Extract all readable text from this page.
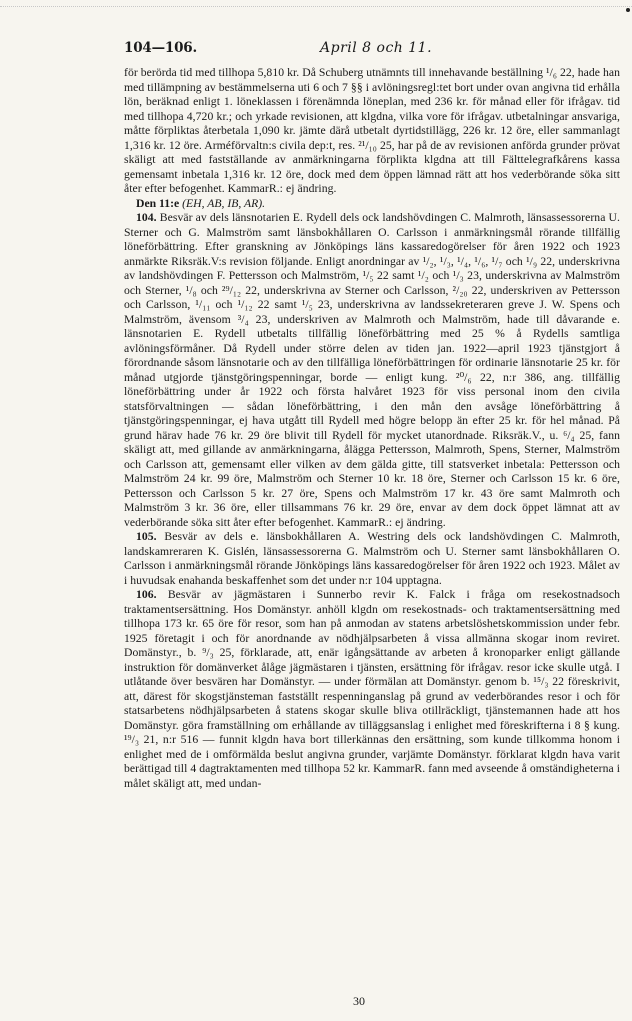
104—106.	April 8 och 11.

för berörda tid med tillhopa 5,810 kr. Då Schuberg utnämnts till innehavande beställning ¹/₆ 22, hade han med tillämpning av bestämmelserna uti 6 och 7 §§ i avlöningsregl:tet bort under ovan angivna tid erhålla lön, beräknad enligt 1. löneklassen i förenämnda löneplan, med 236 kr. för månad eller för ifrågav. tid med tillhopa 4,720 kr.; och yrkade revisionen, att klgdna, vilka vore för ifrågav. utbetalningar ansvariga, måtte förpliktas återbetala 1,090 kr. jämte därå utbetalt dyrtidstillägg, 226 kr. 12 öre, eller sammanlagt 1,316 kr. 12 öre. Arméförvaltn:s civila dep:t, res. ²¹/₁₀ 25, har på de av revisionen anförda grunder prövat skäligt att med fastställande av anmärkningarna förpliktа klgdna att till Fälttelegrafkårens kassa gemensamt inbetala 1,316 kr. 12 öre, dock med dem öppen lämnad rätt att hos vederbörande söka sitt åter efter befogenhet. KammarR.: ej ändring.

Den 11:e (EH, AB, IB, AR).

104. Besvär av dels länsnotarien E. Rydell dels ock landshövdingen C. Malmroth, länsassessorerna U. Sterner och G. Malmström samt länsbokhållaren O. Carlsson i anmärkningsmål rörande tillfällig löneförbättring. Efter granskning av Jönköpings läns kassaredogörelser för åren 1922 och 1923 anmärkte Riksräk.V:s revision följande. Enligt anordningar av ¹/₂, ¹/₃, ¹/₄, ¹/₆, ¹/₇ och ¹/₉ 22, underskrivna av landshövdingen F. Pettersson och Malmström, ¹/₅ 22 samt ¹/₂ och ¹/₃ 23, underskrivna av Malmström och Sterner, ¹/₈ och ²⁹/₁₂ 22, underskrivna av Sterner och Carlsson, ²/₂₀ 22, underskriven av Pettersson och Carlsson, ¹/₁₁ och ¹/₁₂ 22 samt ¹/₅ 23, underskrivna av landssekreteraren greve J. W. Spens och Malmström, ävensom ³/₄ 23, underskriven av Malmroth och Malmström, hade till dåvarande e. länsnotarien E. Rydell utbetalts tillfällig löneförbättring med 25 % å Rydells samtliga avlöningsförmåner. Då Rydell under större delen av tiden jan. 1922—april 1923 tjänstgjort å förordnande såsom länsnotarie och av den tillfälliga löneförbättringen för ordinarie länsnotarie 25 kr. för månad utgjorde tjänstgöringspenningar, borde — enligt kung. ²⁰/₆ 22, n:r 386, ang. tillfällig löneförbättring under år 1922 och första halvåret 1923 för viss personal inom den civila statsförvaltningen — sådan löneförbättring, i den mån den avsåge löneförbättring å tjänstgöringspenningar, ej hava utgått till Rydell med högre belopp än efter 25 kr. för hel månad. På grund härav hade 76 kr. 29 öre blivit till Rydell för mycket utanordnade. Riksräk.V., u. ⁶/₄ 25, fann skäligt att, med gillande av anmärkningarna, ålägga Pettersson, Malmroth, Spens, Sterner, Malmström och Carlsson att, gemensamt eller vilken av dem gälda gitte, till statsverket inbetala: Pettersson och Malmström 24 kr. 99 öre, Malmström och Sterner 10 kr. 18 öre, Sterner och Carlsson 15 kr. 6 öre, Pettersson och Carlsson 5 kr. 27 öre, Spens och Malmström 17 kr. 43 öre samt Malmroth och Malmström 3 kr. 36 öre, eller tillsammans 76 kr. 29 öre, envar av dem dock öppet lämnat att av vederbörande söka sitt åter efter befogenhet. KammarR.: ej ändring.

105. Besvär av dels e. länsbokhållaren A. Westring dels ock landshövdingen C. Malmroth, landskamreraren K. Gislén, länsassessorerna G. Malmström och U. Sterner samt länsbokhållaren O. Carlsson i anmärkningsmål rörande Jönköpings läns kassaredogörelser för åren 1922 och 1923. Målet av i huvudsak enahanda beskaffenhet som det under n:r 104 upptagna.

106. Besvär av jägmästaren i Sunnerbo revir K. Falck i fråga om resekostnadsoch traktamentsersättning. Hos Domänstyr. anhöll klgdn om resekostnads- och traktamentsersättning med tillhopa 173 kr. 65 öre för resor, som han på anmodan av statens arbetslöshetskommission under febr. 1925 företagit i och för anordnande av nödhjälpsarbeten å vissa allmänna skogar inom reviret. Domänstyr., b. ⁹/₃ 25, förklarade, att, enär igångsättande av arbeten å kronoparker enligt gällande instruktion för domänverket ålåge jägmästaren i tjänsten, ersättning för ifrågav. resor icke skulle utgå. I utlåtande över besvären har Domänstyr. — under förmälan att Domänstyr. genom b. ¹⁵/₃ 22 föreskrivit, att, därest för skogstjänsteman fastställt respenninganslag på grund av vederbörandes resor i och för statsarbetens nödhjälpsarbeten å statens skogar skulle bliva otillräckligt, tjänstemannen hade att hos Domänstyr. göra framställning om erhållande av tilläggsanslag i enlighet med föreskrifterna i 8 § kung. ¹⁹/₃ 21, n:r 516 — funnit klgdn hava bort tillerkännas den ersättning, som kunde tillkomma honom i enlighet med de i omförmälda beslut angivna grunder, varjämte Domänstyr. förklarat klgdn hava varit berättigad till 4 dagtraktamenten med tillhopa 52 kr. KammarR. fann med avseende å omständigheterna i målet skäligt att, med undan-

30
